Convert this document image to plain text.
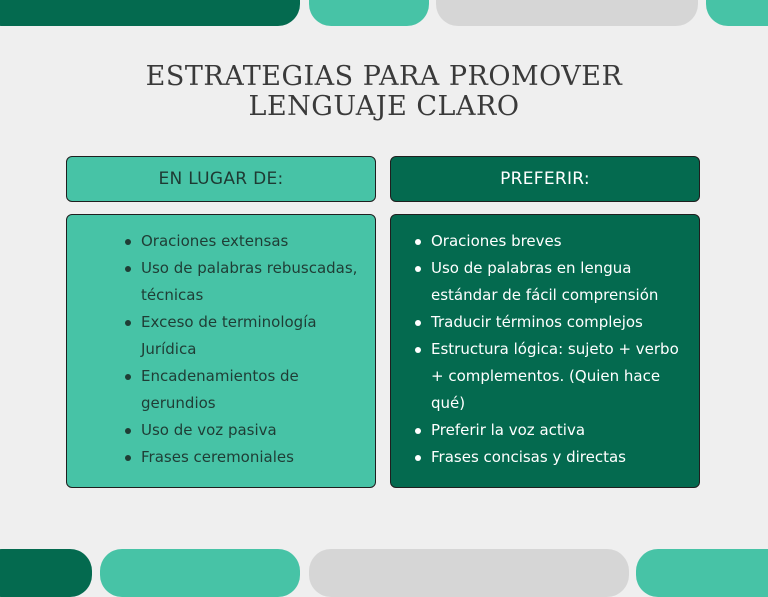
ESTRATEGIAS PARA PROMOVER
LENGUAJE CLARO
EN LUGAR DE:	PREFERIR:
Oraciones extensas
Uso de palabras rebuscadas, técnicas
Exceso de terminología Jurídica
Encadenamientos de gerundios
Uso de voz pasiva
Frases ceremoniales
Oraciones breves
Uso de palabras en lengua estándar de fácil comprensión
Traducir términos complejos
Estructura lógica: sujeto + verbo + complementos. (Quien hace qué)
Preferir la voz activa
Frases concisas y directas
